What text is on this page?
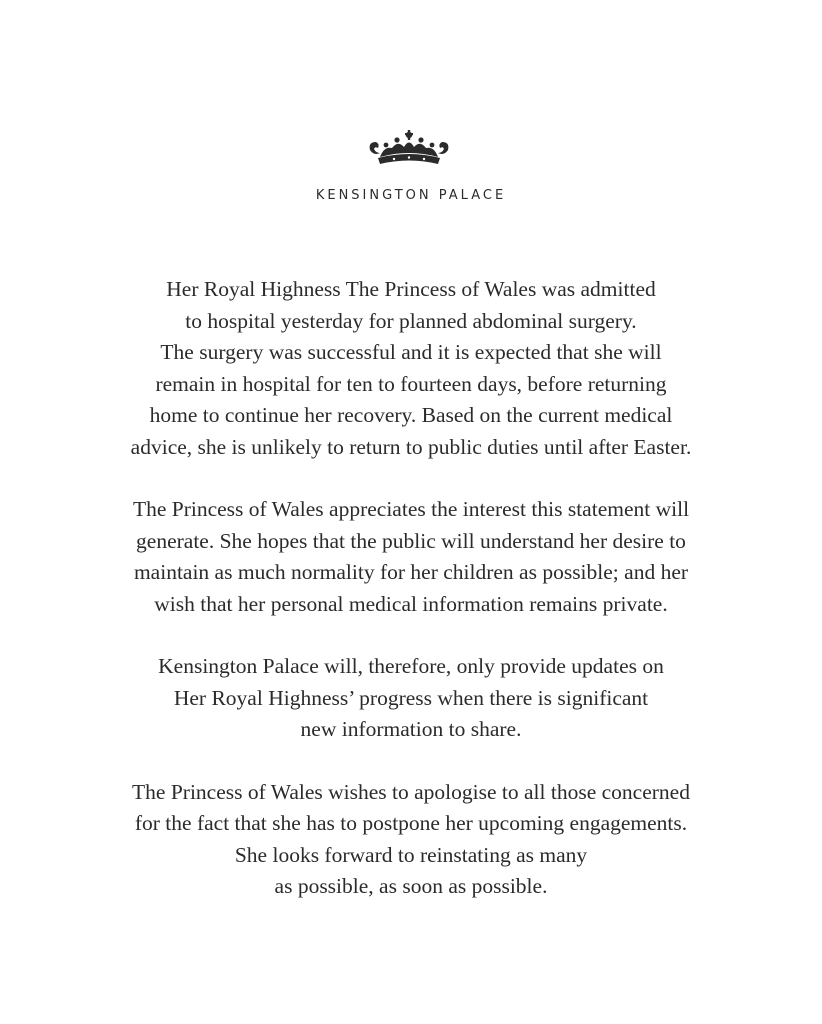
KENSINGTON PALACE

Her Royal Highness The Princess of Wales was admitted
to hospital yesterday for planned abdominal surgery.
The surgery was successful and it is expected that she will
remain in hospital for ten to fourteen days, before returning
home to continue her recovery. Based on the current medical
advice, she is unlikely to return to public duties until after Easter.

The Princess of Wales appreciates the interest this statement will
generate. She hopes that the public will understand her desire to
maintain as much normality for her children as possible; and her
wish that her personal medical information remains private.

Kensington Palace will, therefore, only provide updates on
Her Royal Highness’ progress when there is significant
new information to share.

The Princess of Wales wishes to apologise to all those concerned
for the fact that she has to postpone her upcoming engagements.
She looks forward to reinstating as many
as possible, as soon as possible.
